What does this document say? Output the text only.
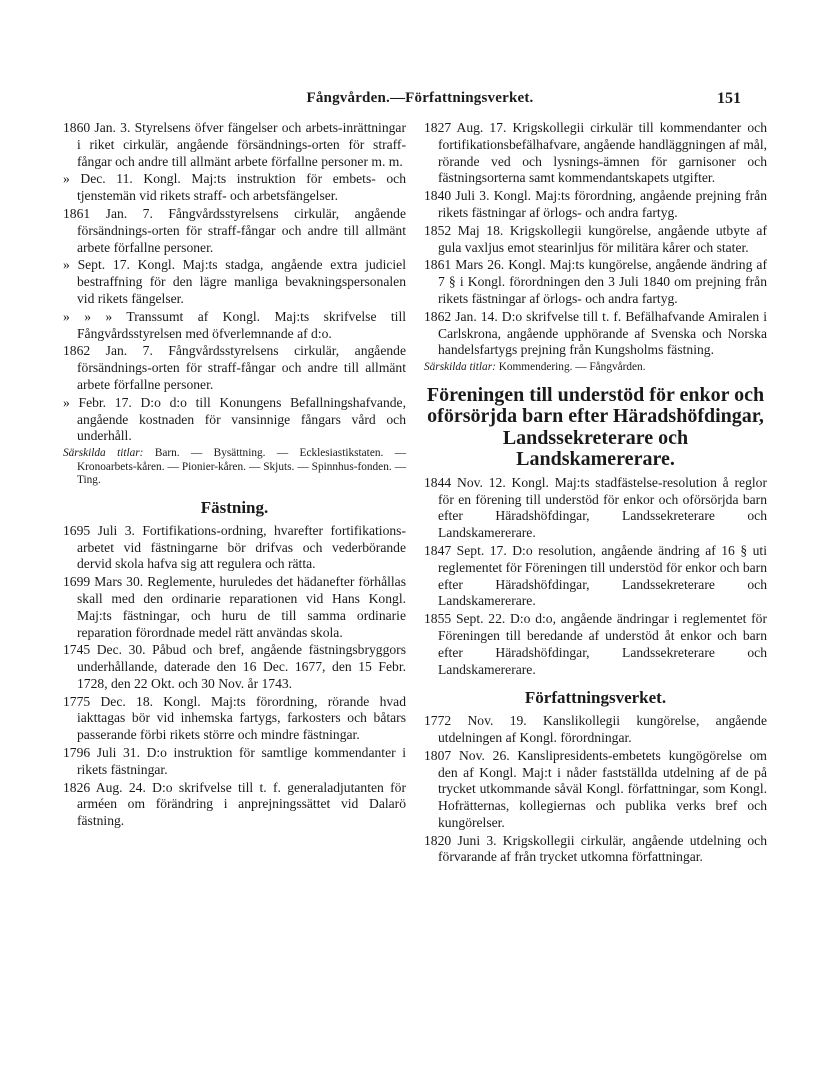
Fångvården.—Författningsverket.	151

1860 Jan. 3. Styrelsens öfver fängelser och arbets-inrättningar i riket cirkulär, angående försändnings-orten för straff-fångar och andre till allmänt arbete förfallne personer m. m.

» Dec. 11. Kongl. Maj:ts instruktion för embets- och tjenstemän vid rikets straff- och arbetsfängelser.

1861 Jan. 7. Fångvårdsstyrelsens cirkulär, angående försändnings-orten för straff-fångar och andre till allmänt arbete förfallne personer.

» Sept. 17. Kongl. Maj:ts stadga, angående extra judiciel bestraffning för den lägre manliga bevakningspersonalen vid rikets fängelser.

» » » Transsumt af Kongl. Maj:ts skrifvelse till Fångvårdsstyrelsen med öfverlemnande af d:o.

1862 Jan. 7. Fångvårdsstyrelsens cirkulär, angående försändnings-orten för straff-fångar och andre till allmänt arbete förfallne personer.

» Febr. 17. D:o d:o till Konungens Befallningshafvande, angående kostnaden för vansinnige fångars vård och underhåll.

Särskilda titlar: Barn. — Bysättning. — Ecklesiastikstaten. — Kronoarbets-kåren. — Pionier-kåren. — Skjuts. — Spinnhus-fonden. — Ting.

Fästning.

1695 Juli 3. Fortifikations-ordning, hvarefter fortifikations-arbetet vid fästningarne bör drifvas och vederbörande dervid skola hafva sig att regulera och rätta.

1699 Mars 30. Reglemente, huruledes det hädanefter förhållas skall med den ordinarie reparationen vid Hans Kongl. Maj:ts fästningar, och huru de till samma ordinarie reparation förordnade medel rätt användas skola.

1745 Dec. 30. Påbud och bref, angående fästningsbryggors underhållande, daterade den 16 Dec. 1677, den 15 Febr. 1728, den 22 Okt. och 30 Nov. år 1743.

1775 Dec. 18. Kongl. Maj:ts förordning, rörande hvad iakttagas bör vid inhemska fartygs, farkosters och båtars passerande förbi rikets större och mindre fästningar.

1796 Juli 31. D:o instruktion för samtlige kommendanter i rikets fästningar.

1826 Aug. 24. D:o skrifvelse till t. f. generaladjutanten för arméen om förändring i anprejningssättet vid Dalarö fästning.

1827 Aug. 17. Krigskollegii cirkulär till kommendanter och fortifikationsbefälhafvare, angående handläggningen af mål, rörande ved och lysnings-ämnen för garnisoner och fästningsorterna samt kommendantskapets utgifter.

1840 Juli 3. Kongl. Maj:ts förordning, angående prejning från rikets fästningar af örlogs- och andra fartyg.

1852 Maj 18. Krigskollegii kungörelse, angående utbyte af gula vaxljus emot stearinljus för militära kårer och stater.

1861 Mars 26. Kongl. Maj:ts kungörelse, angående ändring af 7 § i Kongl. förordningen den 3 Juli 1840 om prejning från rikets fästningar af örlogs- och andra fartyg.

1862 Jan. 14. D:o skrifvelse till t. f. Befälhafvande Amiralen i Carlskrona, angående upphörande af Svenska och Norska handelsfartygs prejning från Kungsholms fästning.

Särskilda titlar: Kommendering. — Fångvården.

Föreningen till understöd för enkor och oförsörjda barn efter Häradshöfdingar, Landssekreterare och Landskamererare.

1844 Nov. 12. Kongl. Maj:ts stadfästelse-resolution å reglor för en förening till understöd för enkor och oförsörjda barn efter Häradshöfdingar, Landssekreterare och Landskamererare.

1847 Sept. 17. D:o resolution, angående ändring af 16 § uti reglementet för Föreningen till understöd för enkor och barn efter Häradshöfdingar, Landssekreterare och Landskamererare.

1855 Sept. 22. D:o d:o, angående ändringar i reglementet för Föreningen till beredande af understöd åt enkor och barn efter Häradshöfdingar, Landssekreterare och Landskamererare.

Författningsverket.

1772 Nov. 19. Kanslikollegii kungörelse, angående utdelningen af Kongl. förordningar.

1807 Nov. 26. Kanslipresidents-embetets kungögörelse om den af Kongl. Maj:t i nåder fastställda utdelning af de på trycket utkommande såväl Kongl. författningar, som Kongl. Hofrätternas, kollegiernas och publika verks bref och kungörelser.

1820 Juni 3. Krigskollegii cirkulär, angående utdelning och förvarande af från trycket utkomna författningar.
